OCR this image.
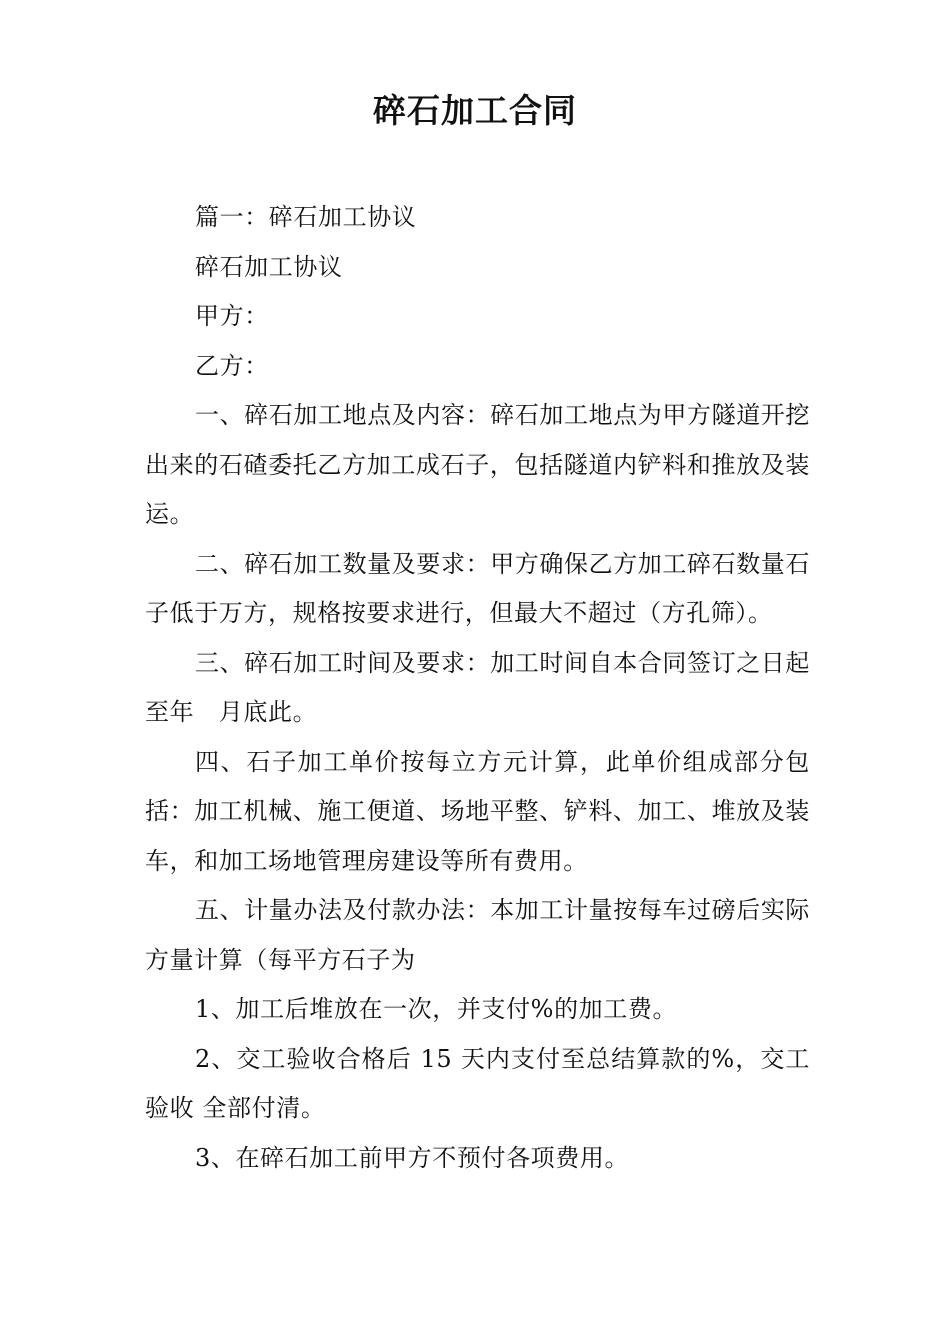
碎石加工合同

篇一：碎石加工协议

碎石加工协议

甲方：

乙方：

一、碎石加工地点及内容：碎石加工地点为甲方隧道开挖出来的石碴委托乙方加工成石子，包括隧道内铲料和推放及装运。

二、碎石加工数量及要求：甲方确保乙方加工碎石数量石子低于万方，规格按要求进行，但最大不超过（方孔筛）。

三、碎石加工时间及要求：加工时间自本合同签订之日起至年　月底此。

四、石子加工单价按每立方元计算，此单价组成部分包括：加工机械、施工便道、场地平整、铲料、加工、堆放及装车，和加工场地管理房建设等所有费用。

五、计量办法及付款办法：本加工计量按每车过磅后实际方量计算（每平方石子为

1、加工后堆放在一次，并支付%的加工费。

2、交工验收合格后 15 天内支付至总结算款的%，交工验收 全部付清。

3、在碎石加工前甲方不预付各项费用。
